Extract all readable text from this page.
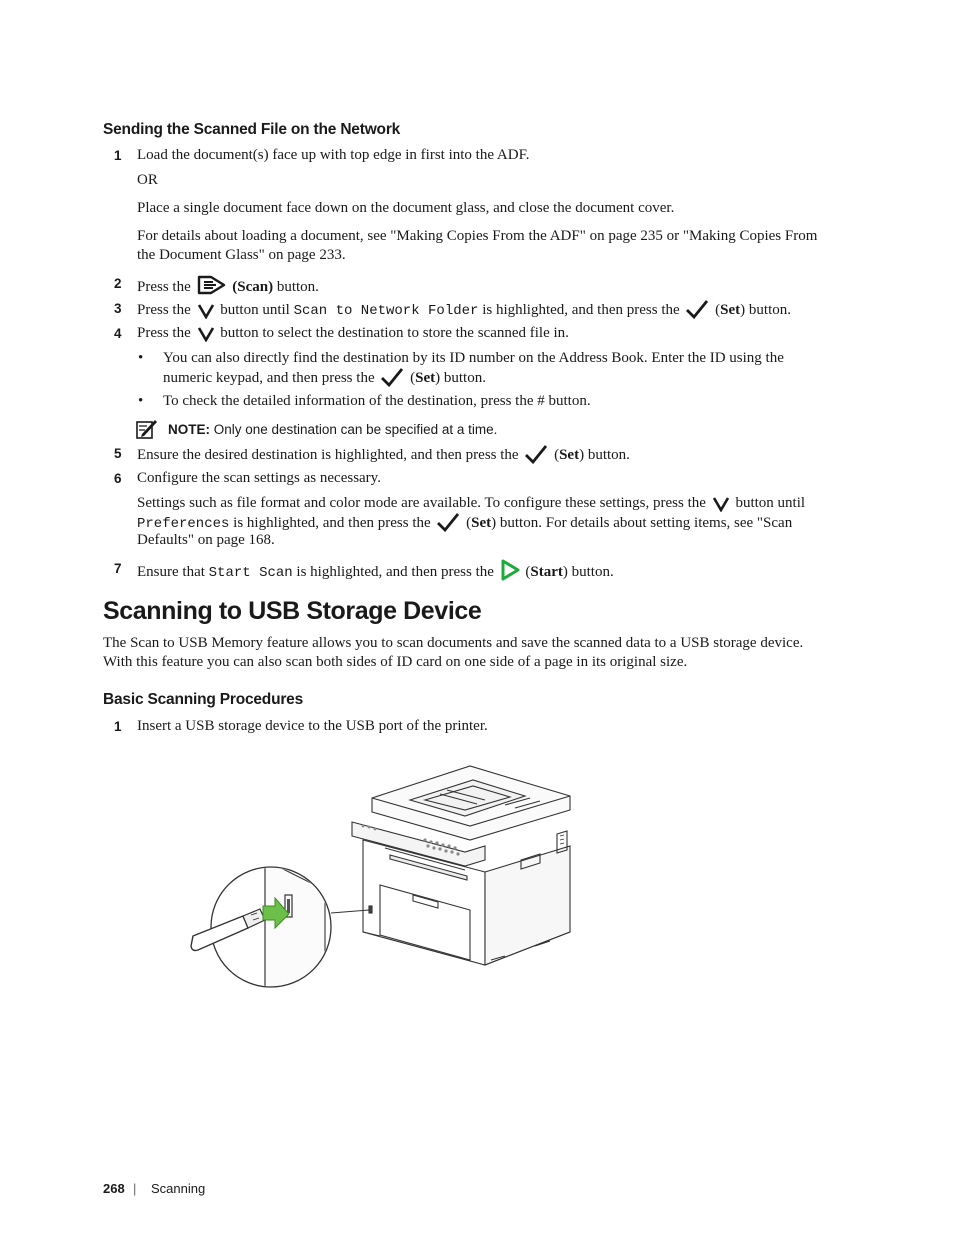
Sending the Scanned File on the Network
1 Load the document(s) face up with top edge in first into the ADF.
OR
Place a single document face down on the document glass, and close the document cover.
For details about loading a document, see "Making Copies From the ADF" on page 235 or "Making Copies From
the Document Glass" on page 233.
2 Press the	(Scan) button.
3 Press the button until Scan to Network Folder is highlighted, and then press the (Set) button.
4 Press the button to select the destination to store the scanned file in.
• You can also directly find the destination by its ID number on the Address Book. Enter the ID using the
numeric keypad, and then press the (Set) button.
• To check the detailed information of the destination, press the # button.
NOTE: Only one destination can be specified at a time.
5 Ensure the desired destination is highlighted, and then press the (Set) button.
6 Configure the scan settings as necessary.
Settings such as file format and color mode are available. To configure these settings, press the button until
Preferences is highlighted, and then press the (Set) button. For details about setting items, see "Scan
Defaults" on page 168.
7 Ensure that Start Scan is highlighted, and then press the (Start) button.
Scanning to USB Storage Device
The Scan to USB Memory feature allows you to scan documents and save the scanned data to a USB storage device.
With this feature you can also scan both sides of ID card on one side of a page in its original size.
Basic Scanning Procedures
1 Insert a USB storage device to the USB port of the printer.
268 | Scanning
